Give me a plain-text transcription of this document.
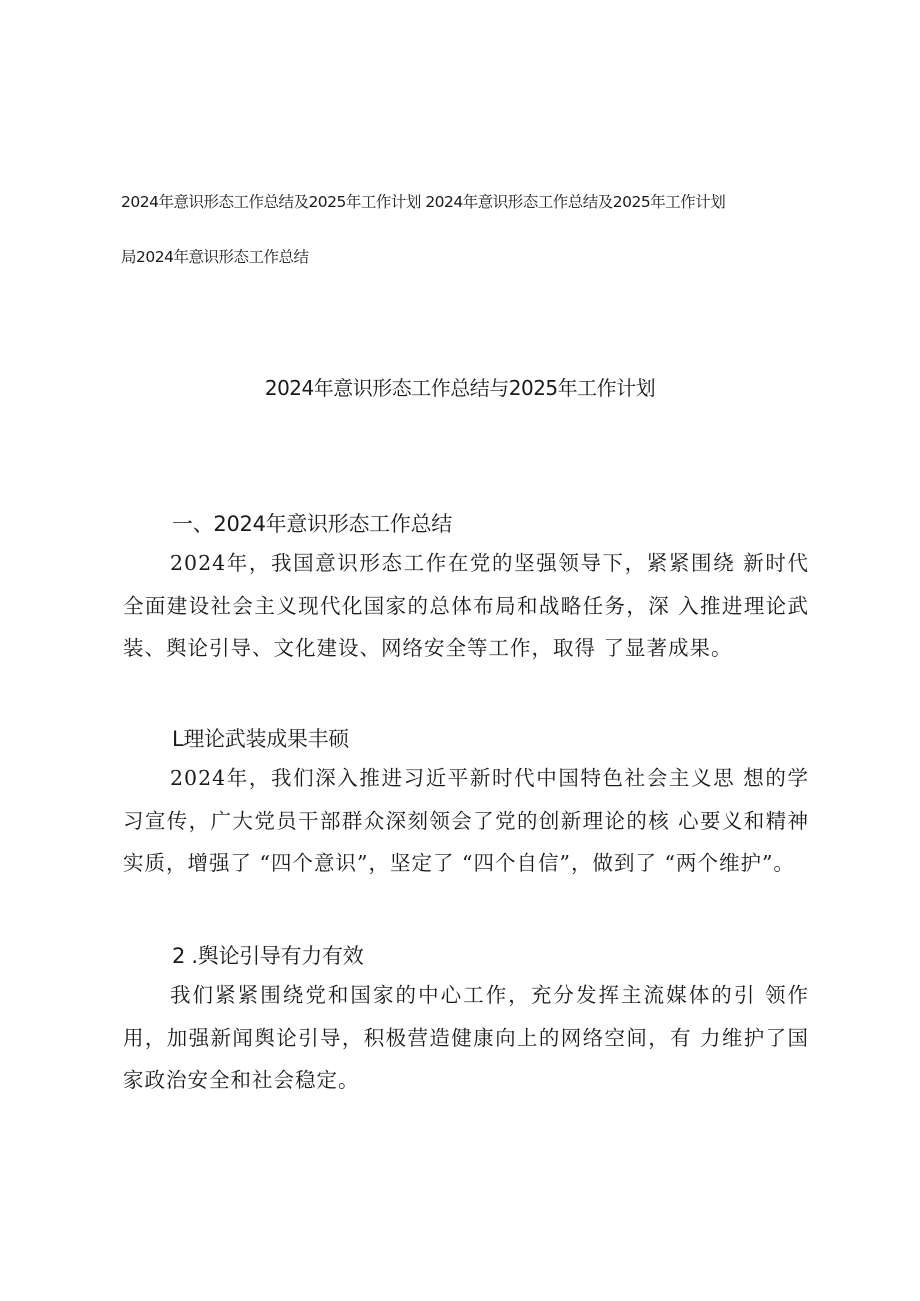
2024年意识形态工作总结及2025年工作计划 2024年意识形态工作总结及2025年工作计划
局2024年意识形态工作总结
2024年意识形态工作总结与2025年工作计划
一、2024年意识形态工作总结
2024年，我国意识形态工作在党的坚强领导下，紧紧围绕 新时代全面建设社会主义现代化国家的总体布局和战略任务，深 入推进理论武装、舆论引导、文化建设、网络安全等工作，取得 了显著成果。
L理论武装成果丰硕
2024年，我们深入推进习近平新时代中国特色社会主义思 想的学习宣传，广大党员干部群众深刻领会了党的创新理论的核 心要义和精神实质，增强了 “四个意识”，坚定了 “四个自信”，做到了 “两个维护”。
2 .舆论引导有力有效
我们紧紧围绕党和国家的中心工作，充分发挥主流媒体的引 领作用，加强新闻舆论引导，积极营造健康向上的网络空间，有 力维护了国家政治安全和社会稳定。
